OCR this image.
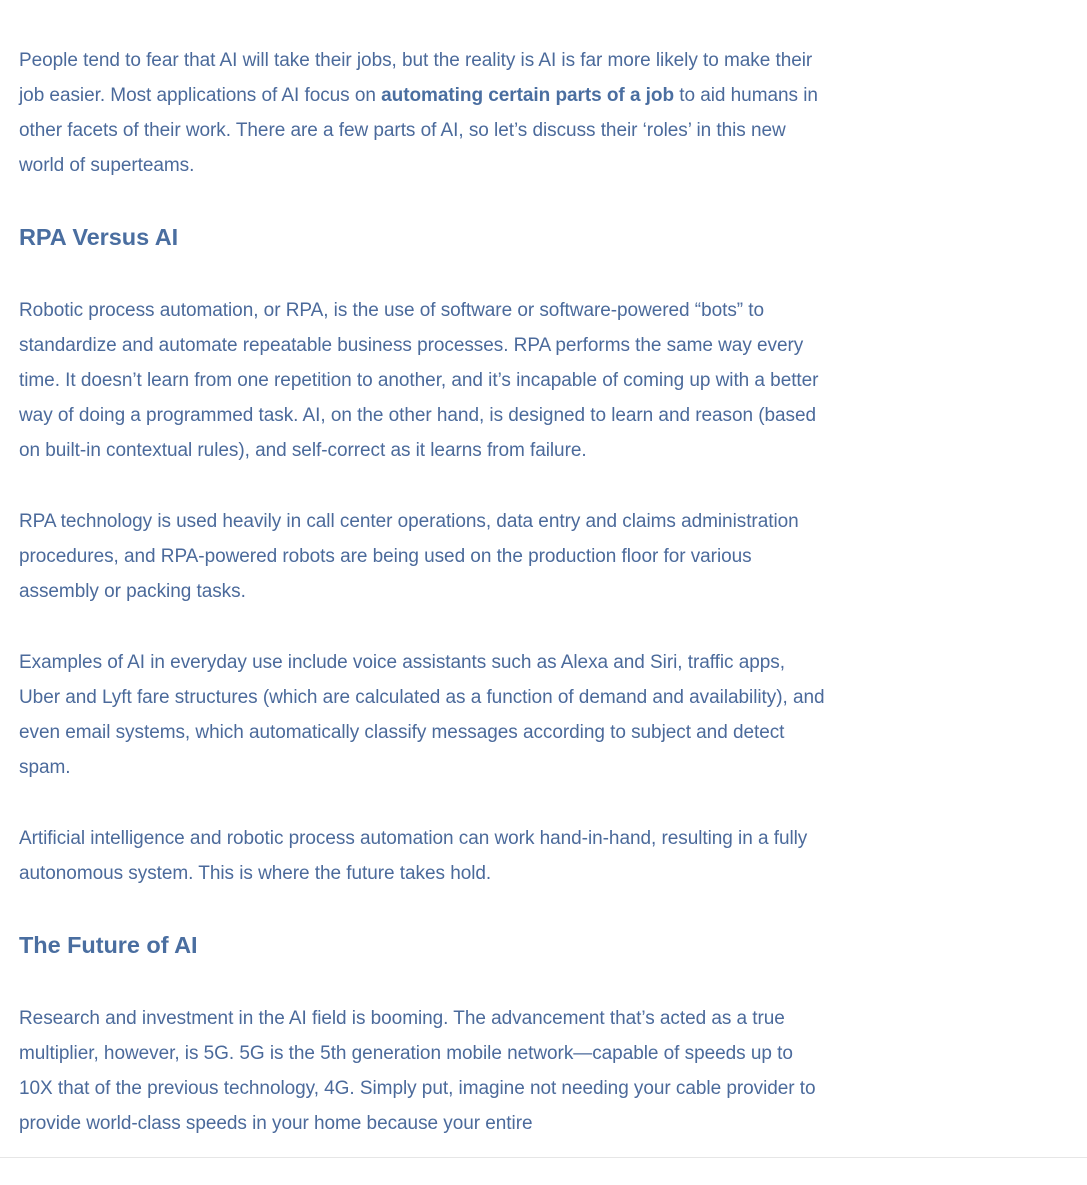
People tend to fear that AI will take their jobs, but the reality is AI is far more likely to make their job easier. Most applications of AI focus on automating certain parts of a job to aid humans in other facets of their work. There are a few parts of AI, so let’s discuss their ‘roles’ in this new world of superteams.

RPA Versus AI

Robotic process automation, or RPA, is the use of software or software-powered “bots” to standardize and automate repeatable business processes. RPA performs the same way every time. It doesn’t learn from one repetition to another, and it’s incapable of coming up with a better way of doing a programmed task. AI, on the other hand, is designed to learn and reason (based on built-in contextual rules), and self-correct as it learns from failure.

RPA technology is used heavily in call center operations, data entry and claims administration procedures, and RPA-powered robots are being used on the production floor for various assembly or packing tasks.

Examples of AI in everyday use include voice assistants such as Alexa and Siri, traffic apps, Uber and Lyft fare structures (which are calculated as a function of demand and availability), and even email systems, which automatically classify messages according to subject and detect spam.

Artificial intelligence and robotic process automation can work hand-in-hand, resulting in a fully autonomous system. This is where the future takes hold.

The Future of AI

Research and investment in the AI field is booming. The advancement that’s acted as a true multiplier, however, is 5G. 5G is the 5th generation mobile network—capable of speeds up to 10X that of the previous technology, 4G. Simply put, imagine not needing your cable provider to provide world-class speeds in your home because your entire
